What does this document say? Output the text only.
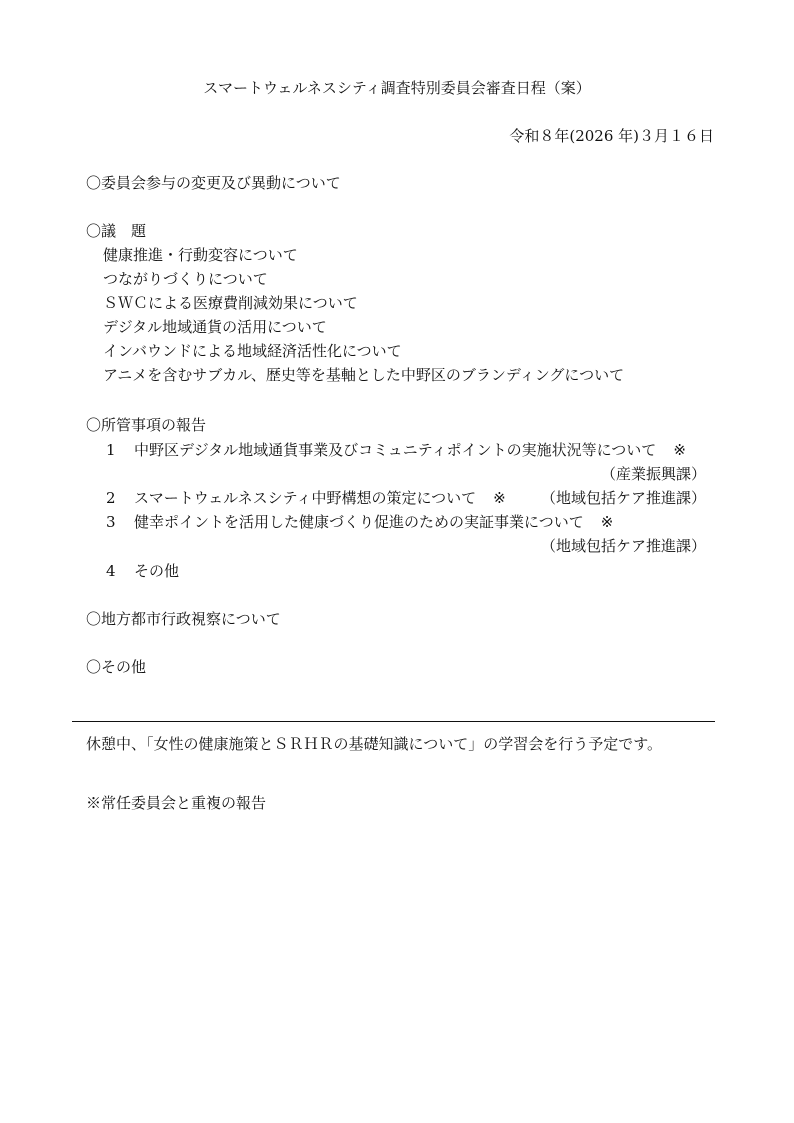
スマートウェルネスシティ調査特別委員会審査日程（案）
令和８年(2026 年)３月１６日
〇委員会参与の変更及び異動について
〇議　題
健康推進・行動変容について
つながりづくりについて
ＳＷＣによる医療費削減効果について
デジタル地域通貨の活用について
インバウンドによる地域経済活性化について
アニメを含むサブカル、歴史等を基軸とした中野区のブランディングについて
〇所管事項の報告
1 中野区デジタル地域通貨事業及びコミュニティポイントの実施状況等について ※
（産業振興課）
2 スマートウェルネスシティ中野構想の策定について ※ （地域包括ケア推進課）
3 健幸ポイントを活用した健康づくり促進のための実証事業について ※
（地域包括ケア推進課）
4 その他
〇地方都市行政視察について
〇その他
休憩中、「女性の健康施策とＳＲＨＲの基礎知識について」の学習会を行う予定です。
※常任委員会と重複の報告
